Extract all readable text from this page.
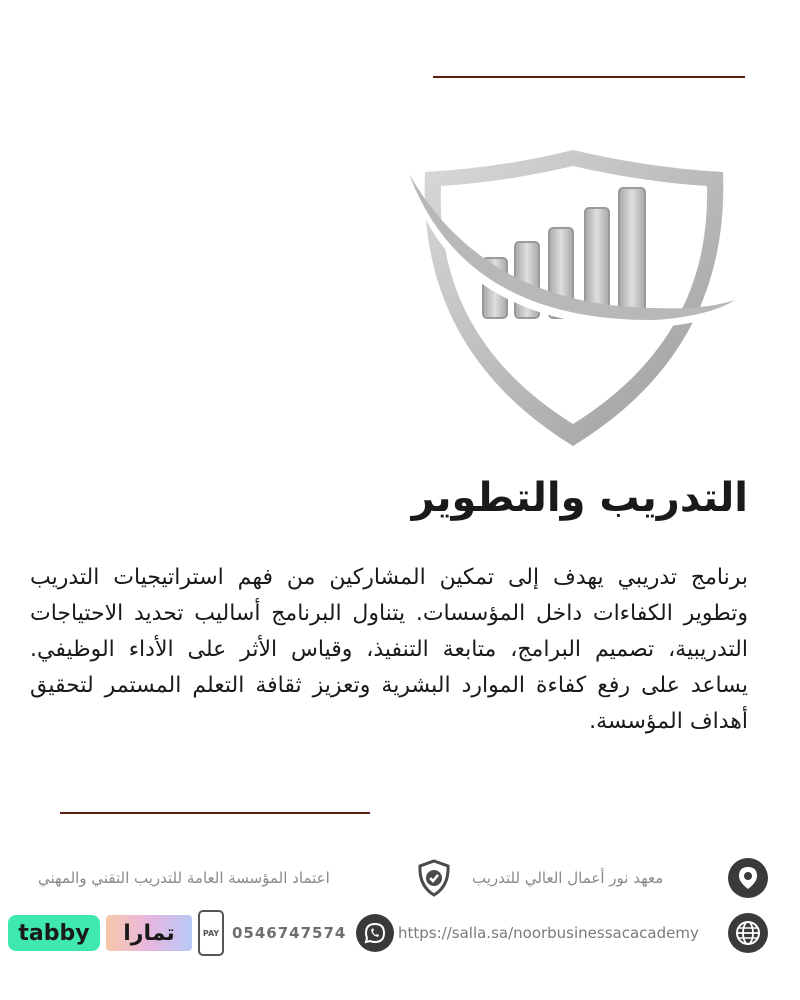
التدريب والتطوير
برنامج تدريبي يهدف إلى تمكين المشاركين من فهم استراتيجيات التدريب وتطوير الكفاءات داخل المؤسسات. يتناول البرنامج أساليب تحديد الاحتياجات التدريبية، تصميم البرامج، متابعة التنفيذ، وقياس الأثر على الأداء الوظيفي. يساعد على رفع كفاءة الموارد البشرية وتعزيز ثقافة التعلم المستمر لتحقيق أهداف المؤسسة.
اعتماد المؤسسة العامة للتدريب التقني والمهني	معهد نور أعمال العالي للتدريب
tabby	تمارا	PAY 0546747574	https://salla.sa/noorbusinessacacademy
